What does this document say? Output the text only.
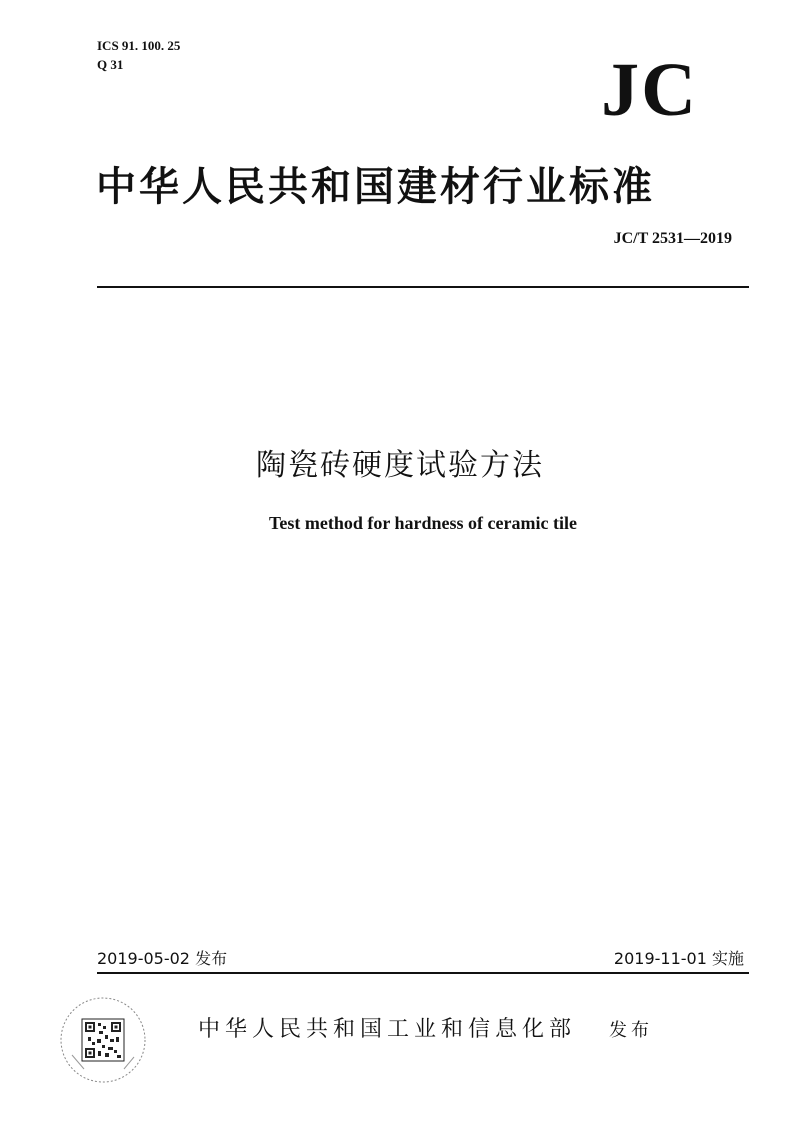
ICS 91. 100. 25
Q 31	JC
中华人民共和国建材行业标准
JC/T 2531—2019
陶瓷砖硬度试验方法
Test method for hardness of ceramic tile
2019-05-02 发布	2019-11-01 实施
中华人民共和国工业和信息化部 发布
